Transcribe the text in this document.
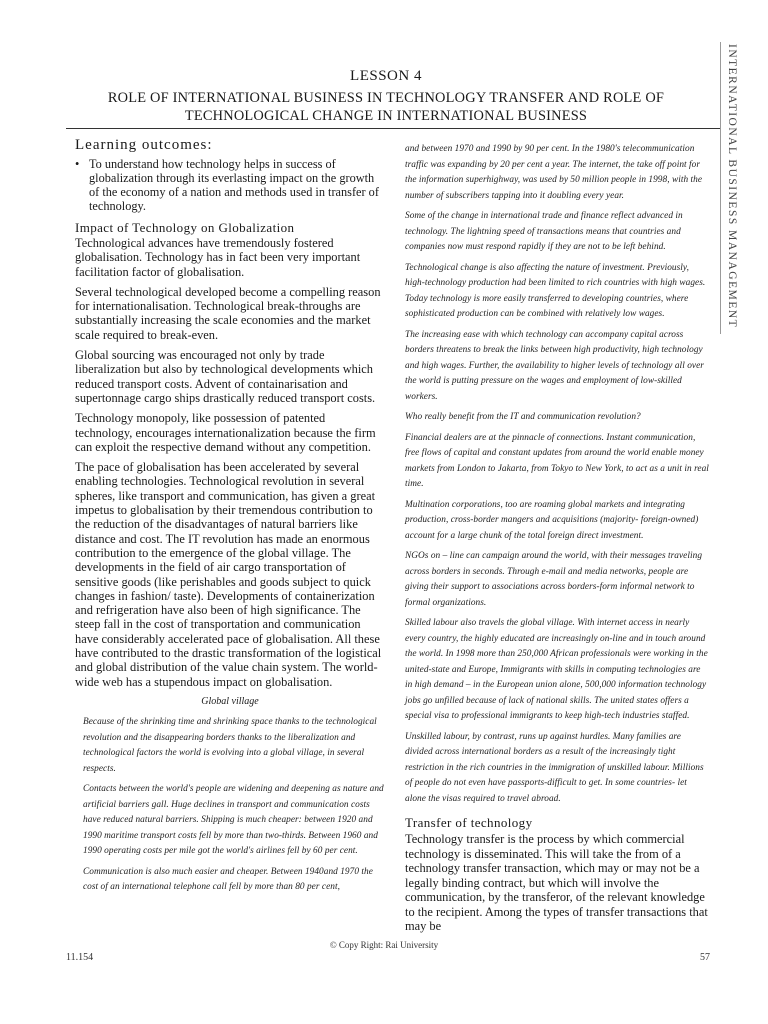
INTERNATIONAL BUSINESS MANAGEMENT
LESSON 4
ROLE OF INTERNATIONAL BUSINESS IN TECHNOLOGY TRANSFER AND ROLE OF
TECHNOLOGICAL CHANGE IN INTERNATIONAL BUSINESS
Learning outcomes:
• To understand how technology helps in success of globalization through its everlasting impact on the growth of the economy of a nation and methods used in transfer of technology.
Impact of Technology on Globalization

Technological advances have tremendously fostered globalisation. Technology has in fact been very important facilitation factor of globalisation.

Several technological developed become a compelling reason for internationalisation. Technological break-throughs are substantially increasing the scale economies and the market scale required to break-even.

Global sourcing was encouraged not only by trade liberalization but also by technological developments which reduced transport costs. Advent of containarisation and supertonnage cargo ships drastically reduced transport costs.

Technology monopoly, like possession of patented technology, encourages internationalization because the firm can exploit the respective demand without any competition.

The pace of globalisation has been accelerated by several enabling technologies. Technological revolution in several spheres, like transport and communication, has given a great impetus to globalisation by their tremendous contribution to the reduction of the disadvantages of natural barriers like distance and cost. The IT revolution has made an enormous contribution to the emergence of the global village. The developments in the field of air cargo transportation of sensitive goods (like perishables and goods subject to quick changes in fashion/ taste). Developments of containerization and refrigeration have also been of high significance. The steep fall in the cost of transportation and communication have considerably accelerated pace of globalisation. All these have contributed to the drastic transformation of the logistical and global distribution of the value chain system. The world-wide web has a stupendous impact on globalisation.

Global village

Because of the shrinking time and shrinking space thanks to the technological revolution and the disappearing borders thanks to the liberalization and technological factors the world is evolving into a global village, in several respects.

Contacts between the world's people are widening and deepening as nature and artificial barriers gall. Huge declines in transport and communication costs have reduced natural barriers. Shipping is much cheaper: between 1920 and 1990 maritime transport costs fell by more than two-thirds. Between 1960 and 1990 operating costs per mile got the world's airlines fell by 60 per cent.

Communication is also much easier and cheaper. Between 1940and 1970 the cost of an international telephone call fell by more than 80 per cent,

and between 1970 and 1990 by 90 per cent. In the 1980's telecommunication traffic was expanding by 20 per cent a year. The internet, the take off point for the information superhighway, was used by 50 million people in 1998, with the number of subscribers tapping into it doubling every year.

Some of the change in international trade and finance reflect advanced in technology. The lightning speed of transactions means that countries and companies now must respond rapidly if they are not to be left behind.

Technological change is also affecting the nature of investment. Previously, high-technology production had been limited to rich countries with high wages. Today technology is more easily transferred to developing countries, where sophisticated production can be combined with relatively low wages.

The increasing ease with which technology can accompany capital across borders threatens to break the links between high productivity, high technology and high wages. Further, the availability to higher levels of technology all over the world is putting pressure on the wages and employment of low-skilled workers.

Who really benefit from the IT and communication revolution?

Financial dealers are at the pinnacle of connections. Instant communication, free flows of capital and constant updates from around the world enable money markets from London to Jakarta, from Tokyo to New York, to act as a unit in real time.

Multination corporations, too are roaming global markets and integrating production, cross-border mangers and acquisitions (majority- foreign-owned) account for a large chunk of the total foreign direct investment.

NGOs on – line can campaign around the world, with their messages traveling across borders in seconds. Through e-mail and media networks, people are giving their support to associations across borders-form informal network to formal organizations.

Skilled labour also travels the global village. With internet access in nearly every country, the highly educated are increasingly on-line and in touch around the world. In 1998 more than 250,000 African professionals were working in the united-state and Europe, Immigrants with skills in computing technologies are in high demand – in the European union alone, 500,000 information technology jobs go unfilled because of lack of national skills. The united states offers a special visa to professional immigrants to keep high-tech industries staffed.

Unskilled labour, by contrast, runs up against hurdles. Many families are divided across international borders as a result of the increasingly tight restriction in the rich countries in the immigration of unskilled labour. Millions of people do not even have passports-difficult to get. In some countries- let alone the visas required to travel abroad.

Transfer of technology

Technology transfer is the process by which commercial technology is disseminated. This will take the from of a technology transfer transaction, which may or may not be a legally binding contract, but which will involve the communication, by the transferor, of the relevant knowledge to the recipient. Among the types of transfer transactions that may be

© Copy Right: Rai University
11.154	57
